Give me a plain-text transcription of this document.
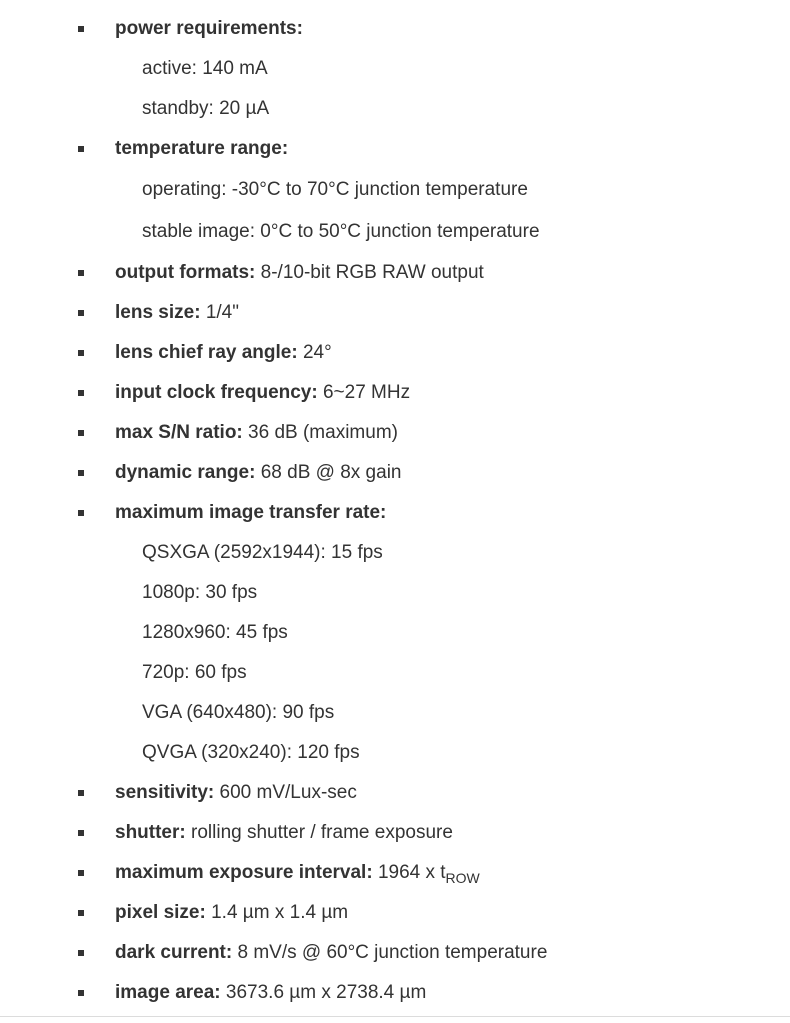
power requirements:
active: 140 mA
standby: 20 µA
temperature range:
operating: -30°C to 70°C junction temperature
stable image: 0°C to 50°C junction temperature
output formats: 8-/10-bit RGB RAW output
lens size: 1/4"
lens chief ray angle: 24°
input clock frequency: 6~27 MHz
max S/N ratio: 36 dB (maximum)
dynamic range: 68 dB @ 8x gain
maximum image transfer rate:
QSXGA (2592x1944): 15 fps
1080p: 30 fps
1280x960: 45 fps
720p: 60 fps
VGA (640x480): 90 fps
QVGA (320x240): 120 fps
sensitivity: 600 mV/Lux-sec
shutter: rolling shutter / frame exposure
maximum exposure interval: 1964 x $t_{ROW}$
pixel size: 1.4 µm x 1.4 µm
dark current: 8 mV/s @ 60°C junction temperature
image area: 3673.6 µm x 2738.4 µm
